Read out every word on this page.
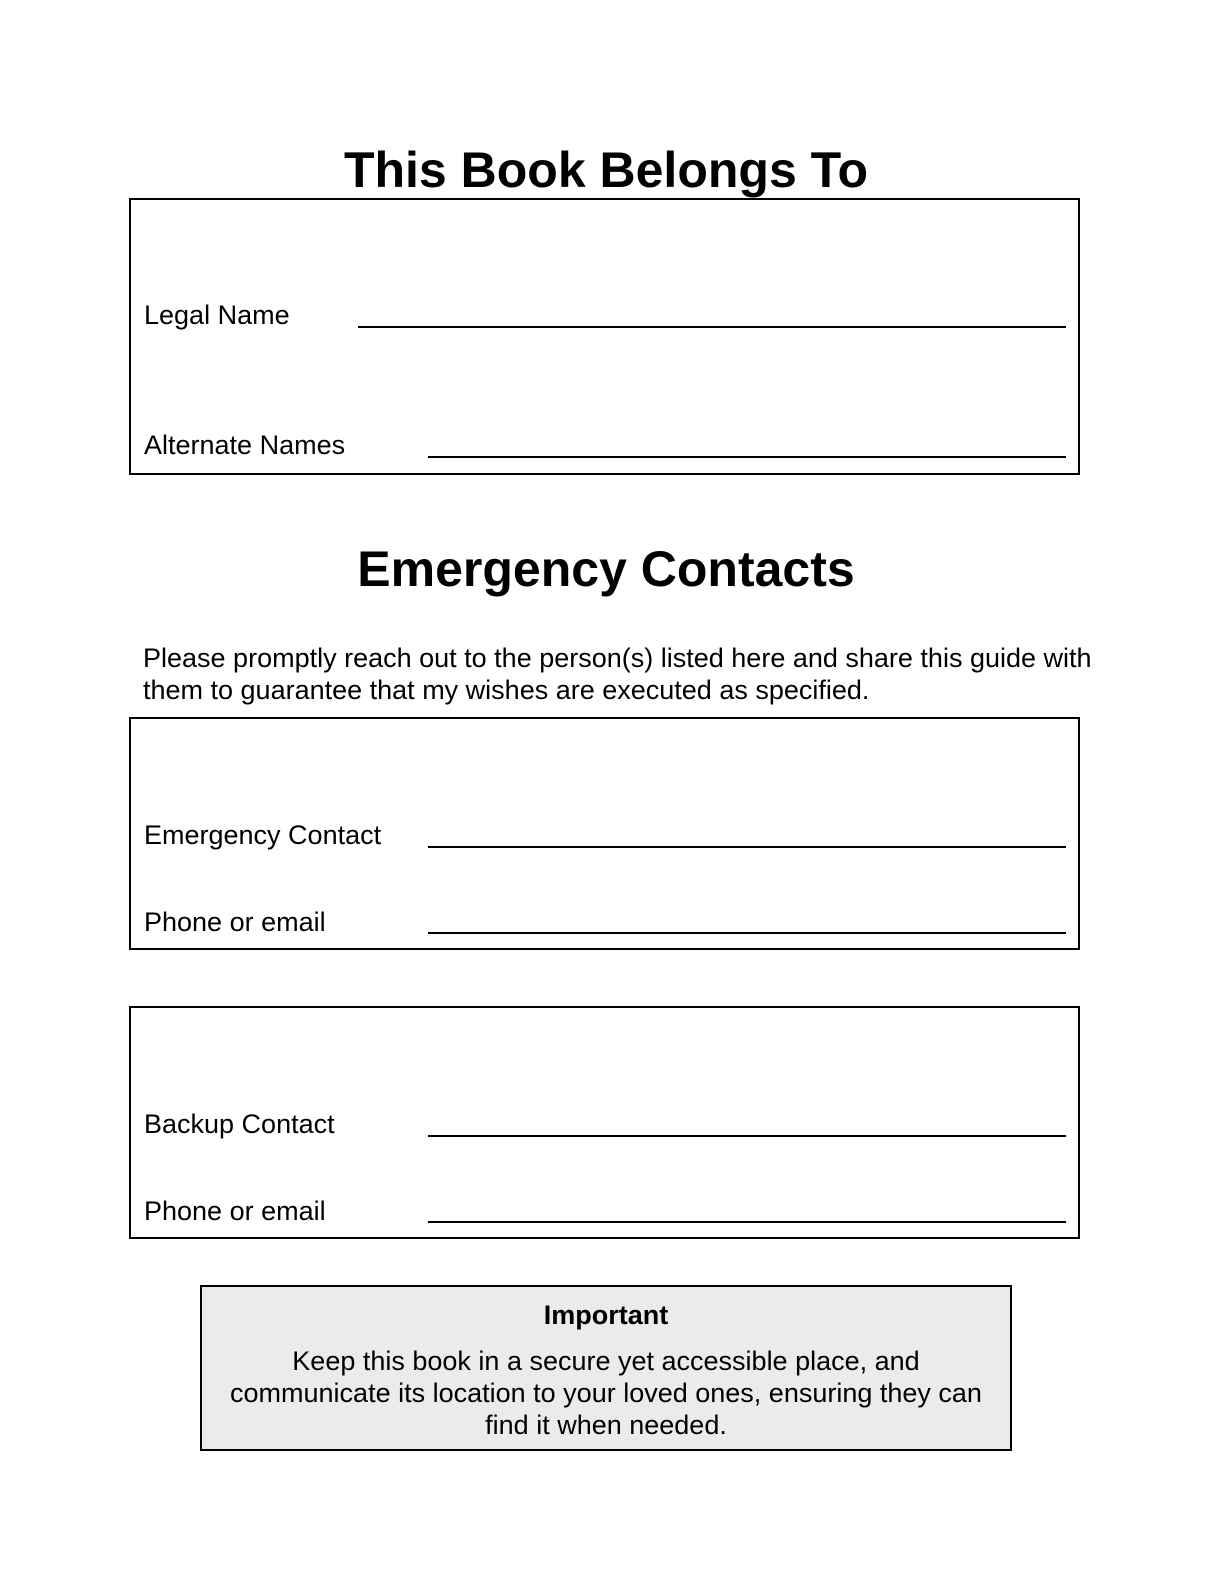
This Book Belongs To
Legal Name
Alternate Names
Emergency Contacts

Please promptly reach out to the person(s) listed here and share this guide with them to guarantee that my wishes are executed as specified.

Emergency Contact
Phone or email
Backup Contact
Phone or email
Important
Keep this book in a secure yet accessible place, and communicate its location to your loved ones, ensuring they can find it when needed.
